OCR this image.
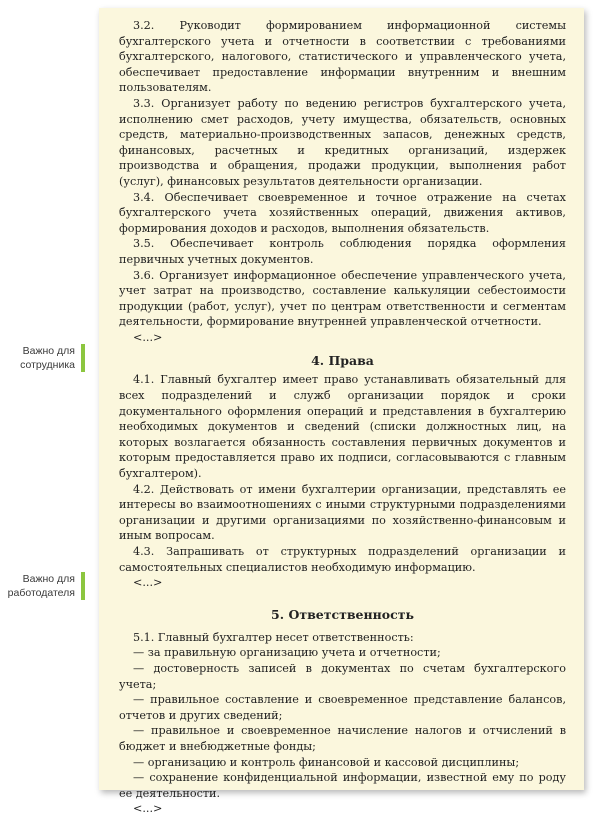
Важно для сотрудника
Важно для работодателя

3.2. Руководит формированием информационной системы бухгалтерского учета и отчетности в соответствии с требованиями бухгалтерского, налогового, статистического и управленческого учета, обеспечивает предоставление информации внутренним и внешним пользователям.

3.3. Организует работу по ведению регистров бухгалтерского учета, исполнению смет расходов, учету имущества, обязательств, основных средств, материально-производственных запасов, денежных средств, финансовых, расчетных и кредитных организаций, издержек производства и обращения, продажи продукции, выполнения работ (услуг), финансовых результатов деятельности организации.

3.4. Обеспечивает своевременное и точное отражение на счетах бухгалтерского учета хозяйственных операций, движения активов, формирования доходов и расходов, выполнения обязательств.

3.5. Обеспечивает контроль соблюдения порядка оформления первичных учетных документов.

3.6. Организует информационное обеспечение управленческого учета, учет затрат на производство, составление калькуляции себестоимости продукции (работ, услуг), учет по центрам ответственности и сегментам деятельности, формирование внутренней управленческой отчетности.

<...>

4. Права

4.1. Главный бухгалтер имеет право устанавливать обязательный для всех подразделений и служб организации порядок и сроки документального оформления операций и представления в бухгалтерию необходимых документов и сведений (списки должностных лиц, на которых возлагается обязанность составления первичных документов и которым предоставляется право их подписи, согласовываются с главным бухгалтером).

4.2. Действовать от имени бухгалтерии организации, представлять ее интересы во взаимоотношениях с иными структурными подразделениями организации и другими организациями по хозяйственно-финансовым и иным вопросам.

4.3. Запрашивать от структурных подразделений организации и самостоятельных специалистов необходимую информацию.

<...>

5. Ответственность

5.1. Главный бухгалтер несет ответственность:

— за правильную организацию учета и отчетности;

— достоверность записей в документах по счетам бухгалтерского учета;

— правильное составление и своевременное представление балансов, отчетов и других сведений;

— правильное и своевременное начисление налогов и отчислений в бюджет и внебюджетные фонды;

— организацию и контроль финансовой и кассовой дисциплины;

— сохранение конфиденциальной информации, известной ему по роду ее деятельности.

<...>
